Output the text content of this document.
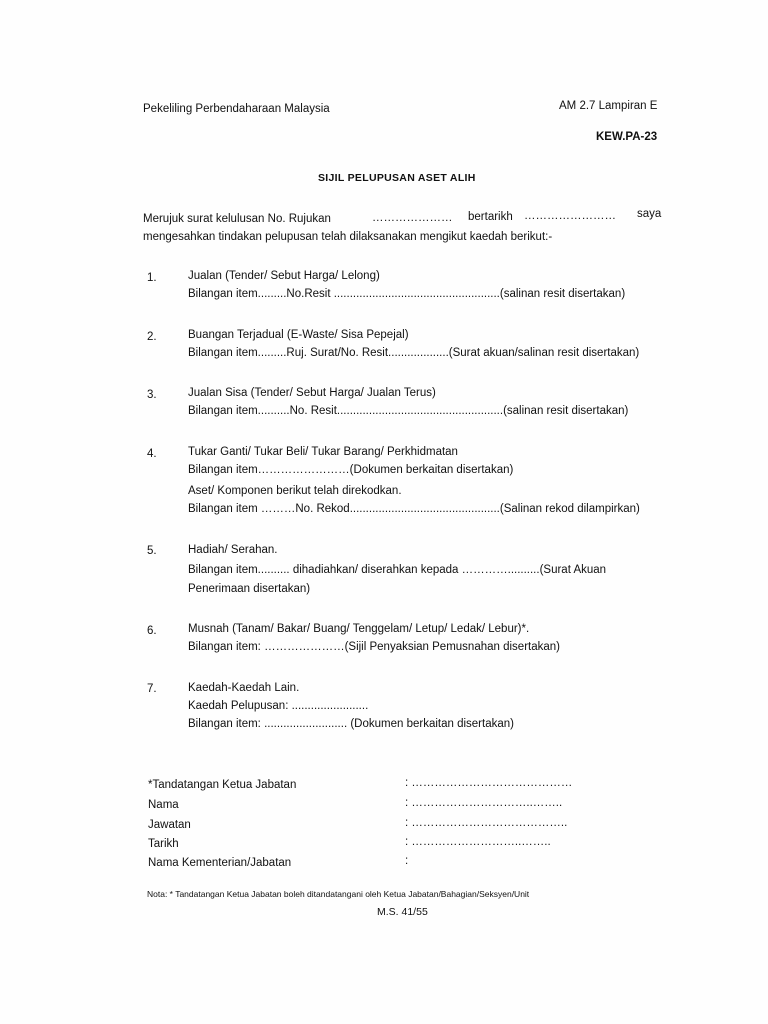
Pekeliling Perbendaharaan Malaysia	AM 2.7 Lampiran E
KEW.PA-23
SIJIL PELUPUSAN ASET ALIH
Merujuk surat kelulusan No. Rujukan	………………… bertarikh …………………… saya
mengesahkan tindakan pelupusan telah dilaksanakan mengikut kaedah berikut:-
1.	Jualan (Tender/ Sebut Harga/ Lelong)
Bilangan item.........No.Resit ....................................................(salinan resit disertakan)
2.	Buangan Terjadual (E-Waste/ Sisa Pepejal)
Bilangan item.........Ruj. Surat/No. Resit...................(Surat akuan/salinan resit disertakan)
3.	Jualan Sisa (Tender/ Sebut Harga/ Jualan Terus)
Bilangan item..........No. Resit....................................................(salinan resit disertakan)
4.	Tukar Ganti/ Tukar Beli/ Tukar Barang/ Perkhidmatan
Bilangan item……………………(Dokumen berkaitan disertakan)
Aset/ Komponen berikut telah direkodkan.
Bilangan item ………No. Rekod...............................................(Salinan rekod dilampirkan)
5.	Hadiah/ Serahan.
Bilangan item.......... dihadiahkan/ diserahkan kepada …………..........(Surat Akuan
Penerimaan disertakan)
6.	Musnah (Tanam/ Bakar/ Buang/ Tenggelam/ Letup/ Ledak/ Lebur)*.
Bilangan item: …………………(Sijil Penyaksian Pemusnahan disertakan)
7.	Kaedah-Kaedah Lain.
Kaedah Pelupusan: ........................
Bilangan item: .......................... (Dokumen berkaitan disertakan)
*Tandatangan Ketua Jabatan	: ……………………………………
Nama	: …………………………..……..
Jawatan	: …………………………………..
Tarikh	: ………………………..……..
Nama Kementerian/Jabatan	:
Nota: * Tandatangan Ketua Jabatan boleh ditandatangani oleh Ketua Jabatan/Bahagian/Seksyen/Unit
M.S. 41/55
